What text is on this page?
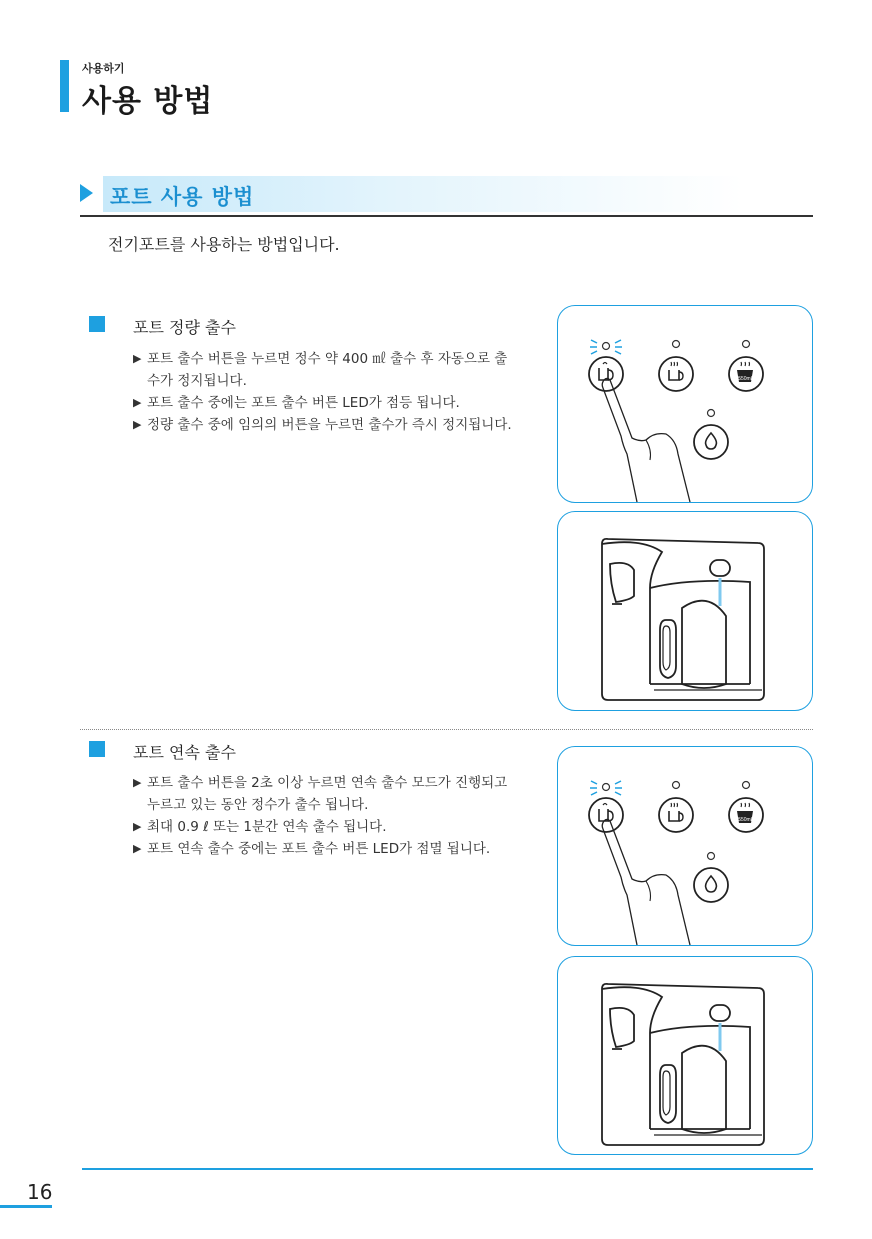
사용하기
사용 방법
포트 사용 방법
전기포트를 사용하는 방법입니다.
포트 정량 출수
▶ 포트 출수 버튼을 누르면 정수 약 400 ㎖ 출수 후 자동으로 출수가 정지됩니다.
▶ 포트 출수 중에는 포트 출수 버튼 LED가 점등 됩니다.
▶ 정량 출수 중에 임의의 버튼을 누르면 출수가 즉시 정지됩니다.
포트 연속 출수
▶ 포트 출수 버튼을 2초 이상 누르면 연속 출수 모드가 진행되고 누르고 있는 동안 정수가 출수 됩니다.
▶ 최대 0.9 ℓ 또는 1분간 연속 출수 됩니다.
▶ 포트 연속 출수 중에는 포트 출수 버튼 LED가 점멸 됩니다.
550ml
550ml
16
